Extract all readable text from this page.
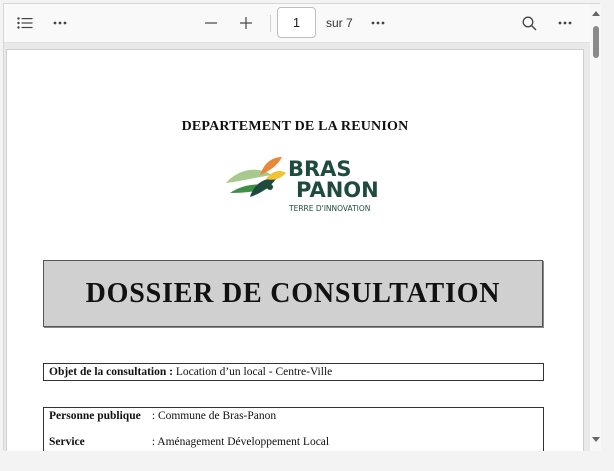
1	sur 7
DEPARTEMENT DE LA REUNION
BRAS
PANON
TERRE D'INNOVATION
DOSSIER DE CONSULTATION
Objet de la consultation : Location d’un local - Centre-Ville
Personne publique : Commune de Bras-Panon
Service	: Aménagement Développement Local
